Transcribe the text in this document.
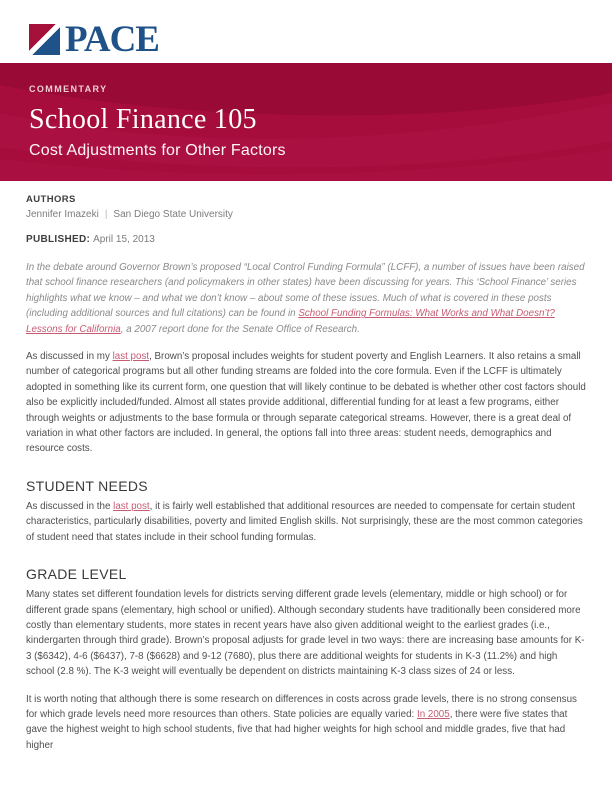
PACE
COMMENTARY
School Finance 105
Cost Adjustments for Other Factors
AUTHORS
Jennifer Imazeki | San Diego State University
PUBLISHED: April 15, 2013

In the debate around Governor Brown’s proposed “Local Control Funding Formula” (LCFF), a number of issues have been raised that school finance researchers (and policymakers in other states) have been discussing for years. This ‘School Finance’ series highlights what we know – and what we don’t know – about some of these issues. Much of what is covered in these posts (including additional sources and full citations) can be found in School Funding Formulas: What Works and What Doesn’t? Lessons for California, a 2007 report done for the Senate Office of Research.

As discussed in my last post, Brown’s proposal includes weights for student poverty and English Learners. It also retains a small number of categorical programs but all other funding streams are folded into the core formula. Even if the LCFF is ultimately adopted in something like its current form, one question that will likely continue to be debated is whether other cost factors should also be explicitly included/funded. Almost all states provide additional, differential funding for at least a few programs, either through weights or adjustments to the base formula or through separate categorical streams. However, there is a great deal of variation in what other factors are included. In general, the options fall into three areas: student needs, demographics and resource costs.

STUDENT NEEDS

As discussed in the last post, it is fairly well established that additional resources are needed to compensate for certain student characteristics, particularly disabilities, poverty and limited English skills. Not surprisingly, these are the most common categories of student need that states include in their school funding formulas.

GRADE LEVEL

Many states set different foundation levels for districts serving different grade levels (elementary, middle or high school) or for different grade spans (elementary, high school or unified). Although secondary students have traditionally been considered more costly than elementary students, more states in recent years have also given additional weight to the earliest grades (i.e., kindergarten through third grade). Brown’s proposal adjusts for grade level in two ways: there are increasing base amounts for K-3 ($6342), 4-6 ($6437), 7-8 ($6628) and 9-12 (7680), plus there are additional weights for students in K-3 (11.2%) and high school (2.8 %). The K-3 weight will eventually be dependent on districts maintaining K-3 class sizes of 24 or less.

It is worth noting that although there is some research on differences in costs across grade levels, there is no strong consensus for which grade levels need more resources than others. State policies are equally varied: In 2005, there were five states that gave the highest weight to high school students, five that had higher weights for high school and middle grades, five that had higher
